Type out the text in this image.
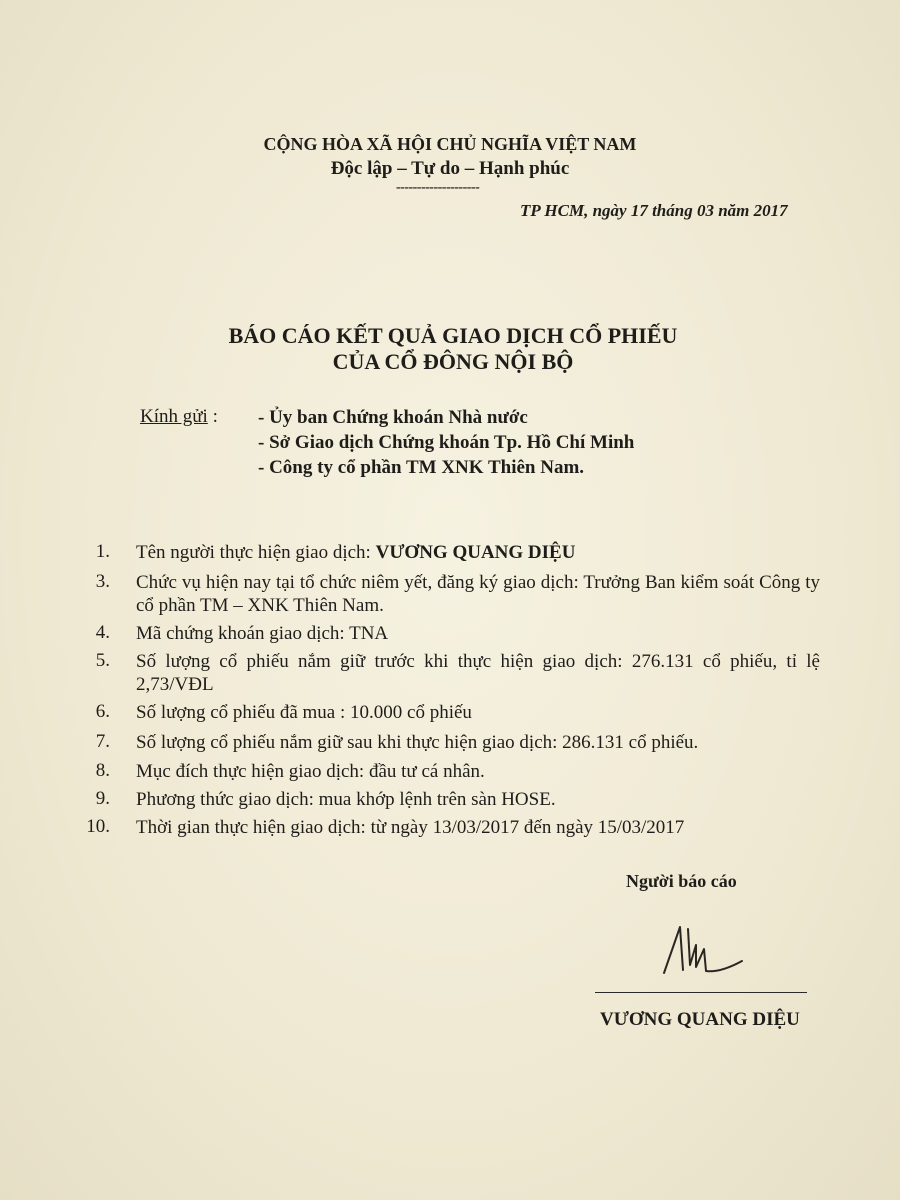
CỘNG HÒA XÃ HỘI CHỦ NGHĨA VIỆT NAM
Độc lập – Tự do – Hạnh phúc
--------------------
TP HCM, ngày 17 tháng 03 năm 2017
BÁO CÁO KẾT QUẢ GIAO DỊCH CỔ PHIẾU
CỦA CỔ ĐÔNG NỘI BỘ
Kính gửi : - Ủy ban Chứng khoán Nhà nước
- Sở Giao dịch Chứng khoán Tp. Hồ Chí Minh
- Công ty cổ phần TM XNK Thiên Nam.
1. Tên người thực hiện giao dịch: VƯƠNG QUANG DIỆU
3. Chức vụ hiện nay tại tổ chức niêm yết, đăng ký giao dịch: Trưởng Ban kiểm soát Công ty cổ phần TM – XNK Thiên Nam.
4. Mã chứng khoán giao dịch: TNA
5. Số lượng cổ phiếu nắm giữ trước khi thực hiện giao dịch: 276.131 cổ phiếu, tỉ lệ 2,73/VĐL
6. Số lượng cổ phiếu đã mua : 10.000 cổ phiếu
7. Số lượng cổ phiếu nắm giữ sau khi thực hiện giao dịch: 286.131 cổ phiếu.
8. Mục đích thực hiện giao dịch: đầu tư cá nhân.
9. Phương thức giao dịch: mua khớp lệnh trên sàn HOSE.
10. Thời gian thực hiện giao dịch: từ ngày 13/03/2017 đến ngày 15/03/2017
Người báo cáo
VƯƠNG QUANG DIỆU
